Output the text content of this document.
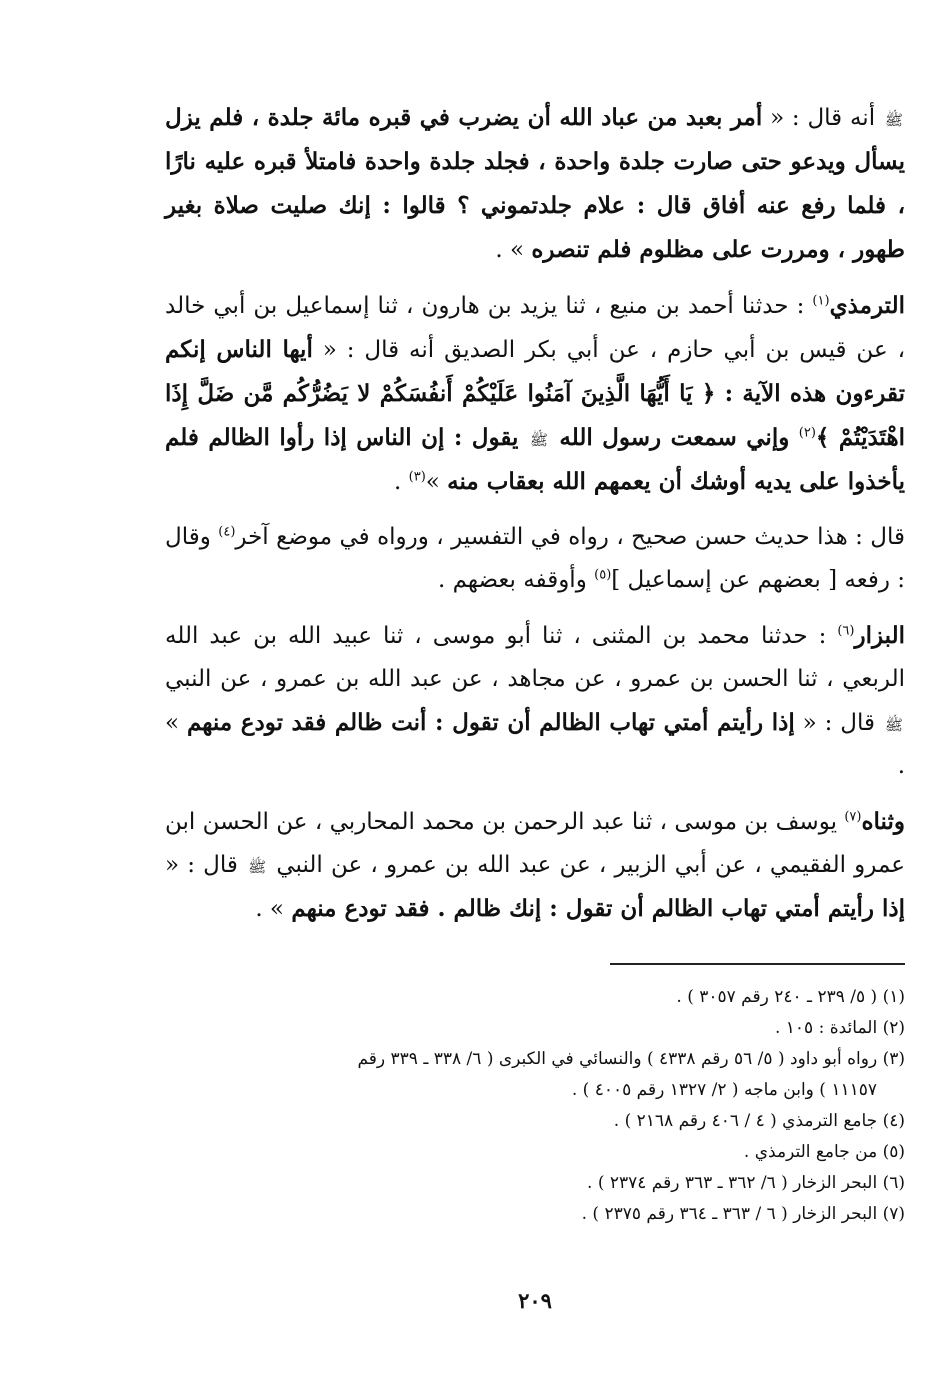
ﷺ أنه قال : « أمر بعبد من عباد الله أن يضرب في قبره مائة جلدة ، فلم يزل يسأل ويدعو حتى صارت جلدة واحدة ، فجلد جلدة واحدة فامتلأ قبره عليه نارًا ، فلما رفع عنه أفاق قال : علام جلدتموني ؟ قالوا : إنك صليت صلاة بغير طهور ، ومررت على مظلوم فلم تنصره » .

الترمذي$^{(١)}$ : حدثنا أحمد بن منيع ، ثنا يزيد بن هارون ، ثنا إسماعيل بن أبي خالد ، عن قيس بن أبي حازم ، عن أبي بكر الصديق أنه قال : « أيها الناس إنكم تقرءون هذه الآية : ﴿ يَا أَيُّهَا الَّذِينَ آمَنُوا عَلَيْكُمْ أَنفُسَكُمْ لا يَضُرُّكُم مَّن ضَلَّ إِذَا اهْتَدَيْتُمْ ﴾$^{(٢)}$ وإني سمعت رسول الله ﷺ يقول : إن الناس إذا رأوا الظالم فلم يأخذوا على يديه أوشك أن يعمهم الله بعقاب منه »$^{(٣)}$ .

قال : هذا حديث حسن صحيح ، رواه في التفسير ، ورواه في موضع آخر$^{(٤)}$ وقال : رفعه [ بعضهم عن إسماعيل ]$^{(٥)}$ وأوقفه بعضهم .

البزار$^{(٦)}$ : حدثنا محمد بن المثنى ، ثنا أبو موسى ، ثنا عبيد الله بن عبد الله الربعي ، ثنا الحسن بن عمرو ، عن مجاهد ، عن عبد الله بن عمرو ، عن النبي ﷺ قال : « إذا رأيتم أمتي تهاب الظالم أن تقول : أنت ظالم فقد تودع منهم » .

وثناه$^{(٧)}$ يوسف بن موسى ، ثنا عبد الرحمن بن محمد المحاربي ، عن الحسن ابن عمرو الفقيمي ، عن أبي الزبير ، عن عبد الله بن عمرو ، عن النبي ﷺ قال : « إذا رأيتم أمتي تهاب الظالم أن تقول : إنك ظالم . فقد تودع منهم » .

(١) ( ٥/ ٢٣٩ ـ ٢٤٠ رقم ٣٠٥٧ ) .

(٢) المائدة : ١٠٥ .

(٣) رواه أبو داود ( ٥/ ٥٦ رقم ٤٣٣٨ ) والنسائي في الكبرى ( ٦/ ٣٣٨ ـ ٣٣٩ رقم

١١١٥٧ ) وابن ماجه ( ٢/ ١٣٢٧ رقم ٤٠٠٥ ) .

(٤) جامع الترمذي ( ٤ / ٤٠٦ رقم ٢١٦٨ ) .

(٥) من جامع الترمذي .

(٦) البحر الزخار ( ٦/ ٣٦٢ ـ ٣٦٣ رقم ٢٣٧٤ ) .

(٧) البحر الزخار ( ٦ / ٣٦٣ ـ ٣٦٤ رقم ٢٣٧٥ ) .

٢٠٩
